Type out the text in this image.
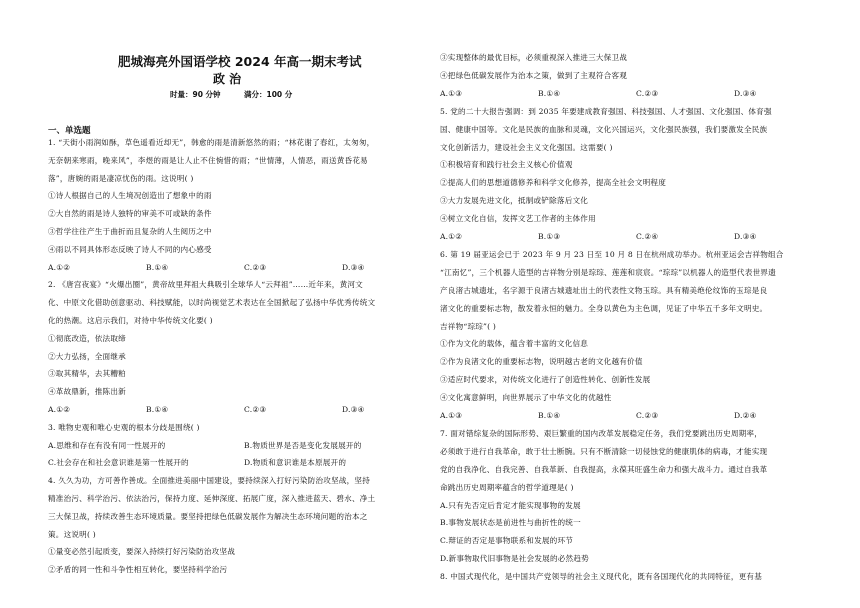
肥城海亮外国语学校 2024 年高一期末考试
政 治
时量：90 分钟	满分：100 分
一、单选题
1. “天街小雨润如酥，草色遥看近却无”，韩愈的雨是清新悠然的雨；“林花谢了春红，太匆匆，
无奈朝来寒雨，晚来风”，李煜的雨是让人止不住惋惜的雨；“世情薄，人情恶，雨送黄昏花易
落”，唐婉的雨是凄凉忧伤的雨。这说明( )
①诗人根据自己的人生境况创造出了想象中的雨
②大自然的雨是诗人独特的审美不可或缺的条件
③哲学往往产生于曲折而且复杂的人生阅历之中
④雨以不同具体形态反映了诗人不同的内心感受
2. 《唐宫夜宴》“火爆出圈”，黄帝故里拜祖大典吸引全球华人“云拜祖”……近年来，黄河文
化、中原文化借助创意驱动、科技赋能，以时尚视觉艺术表达在全国掀起了弘扬中华优秀传统文
化的热潮。这启示我们，对待中华传统文化要( )
①彻底改造，依法取缔
②大力弘扬，全面继承
③取其精华，去其糟粕
④革故鼎新，推陈出新
3. 唯物史观和唯心史观的根本分歧是围绕( )
4. 久久为功，方可善作善成。全面推进美丽中国建设，要持续深入打好污染防治攻坚战，坚持
精准治污、科学治污、依法治污，保持力度、延伸深度、拓展广度，深入推进蓝天、碧水、净土
三大保卫战，持续改善生态环境质量。要坚持把绿色低碳发展作为解决生态环境问题的治本之
策。这说明( )
①量变必然引起质变，要深入持续打好污染防治攻坚战
②矛盾的同一性和斗争性相互转化，要坚持科学治污
A.①②	B.①④	C.②③	D.③④
A.①②	B.①④	C.②③	D.③④
A.思维和存在有没有同一性展开的	B.物质世界是否是变化发展展开的
C.社会存在和社会意识谁是第一性展开的	D.物质和意识谁是本原展开的
③实现整体的最优目标，必须重视深入推进三大保卫战
④把绿色低碳发展作为治本之策，做到了主观符合客观
5. 党的二十大报告强调：到 2035 年要建成教育强国、科技强国、人才强国、文化强国、体育强
国、健康中国等。文化是民族的血脉和灵魂，文化兴国运兴，文化强民族强，我们要激发全民族
文化创新活力，建设社会主义文化强国。这需要( )
①积极培育和践行社会主义核心价值观
②提高人们的思想道德修养和科学文化修养，提高全社会文明程度
③大力发展先进文化，抵制或铲除落后文化
④树立文化自信，发挥文艺工作者的主体作用
6. 第 19 届亚运会已于 2023 年 9 月 23 日至 10 月 8 日在杭州成功举办。杭州亚运会吉祥物组合
“江南忆”，三个机器人造型的吉祥物分别是琮琮、莲莲和宸宸。“琮琮”以机器人的造型代表世界遗
产良渚古城遗址，名字源于良渚古城遗址出土的代表性文物玉琮。具有精美绝伦纹饰的玉琮是良
渚文化的重要标志物，散发着永恒的魅力。全身以黄色为主色调，见证了中华五千多年文明史。
吉祥物“琮琮”( )
①作为文化的载体，蕴含着丰富的文化信息
②作为良渚文化的重要标志物，说明越古老的文化越有价值
③适应时代要求，对传统文化进行了创造性转化、创新性发展
④文化寓意鲜明，向世界展示了中华文化的优越性
7. 面对错综复杂的国际形势、艰巨繁重的国内改革发展稳定任务，我们党要跳出历史周期率，
必须敢于进行自我革命，敢于壮士断腕。只有不断清除一切侵蚀党的健康肌体的病毒，才能实现
党的自我净化、自我完善、自我革新、自我提高，永葆其旺盛生命力和强大战斗力。通过自我革
命跳出历史周期率蕴含的哲学道理是( )
A.只有先否定后肯定才能实现事物的发展
B.事物发展状态是前进性与曲折性的统一
C.辩证的否定是事物联系和发展的环节
D.新事物取代旧事物是社会发展的必然趋势
8. 中国式现代化，是中国共产党领导的社会主义现代化，既有各国现代化的共同特征，更有基
A.①③	B.①④	C.②③	D.③④
A.①②	B.①③	C.②④	D.③④
A.①③	B.①④	C.②③	D.②④
